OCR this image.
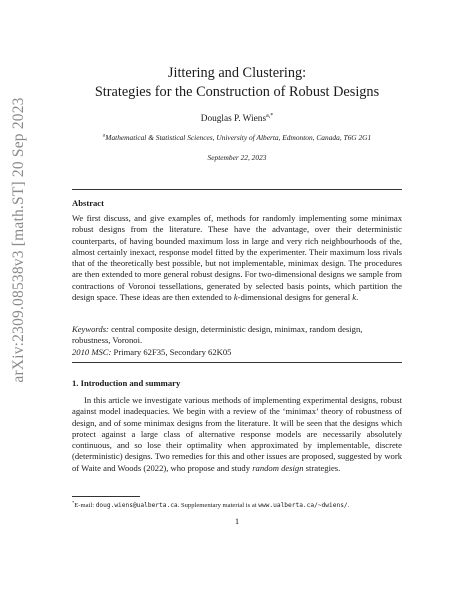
arXiv:2309.08538v3 [math.ST] 20 Sep 2023
Jittering and Clustering:
Strategies for the Construction of Robust Designs
Douglas P. Wiens$^{a,*}$
$^a$Mathematical & Statistical Sciences, University of Alberta, Edmonton, Canada, T6G 2G1
September 22, 2023
Abstract

We first discuss, and give examples of, methods for randomly implementing some minimax robust designs from the literature. These have the advantage, over their deterministic counterparts, of having bounded maximum loss in large and very rich neighbourhoods of the, almost certainly inexact, response model fitted by the experimenter. Their maximum loss rivals that of the theoretically best possible, but not implementable, minimax design. The procedures are then extended to more general robust designs. For two-dimensional designs we sample from contractions of Voronoi tessellations, generated by selected basis points, which partition the design space. These ideas are then extended to k-dimensional designs for general k.

Keywords: central composite design, deterministic design, minimax, random design, robustness, Voronoi.

2010 MSC: Primary 62F35, Secondary 62K05

1. Introduction and summary

In this article we investigate various methods of implementing experimental designs, robust against model inadequacies. We begin with a review of the ‘minimax’ theory of robustness of design, and of some minimax designs from the literature. It will be seen that the designs which protect against a large class of alternative response models are necessarily absolutely continuous, and so lose their optimality when approximated by implementable, discrete (deterministic) designs. Two remedies for this and other issues are proposed, suggested by work of Waite and Woods (2022), who propose and study random design strategies.

*E-mail: doug.wiens@ualberta.ca. Supplementary material is at www.ualberta.ca/~dwiens/.
1
